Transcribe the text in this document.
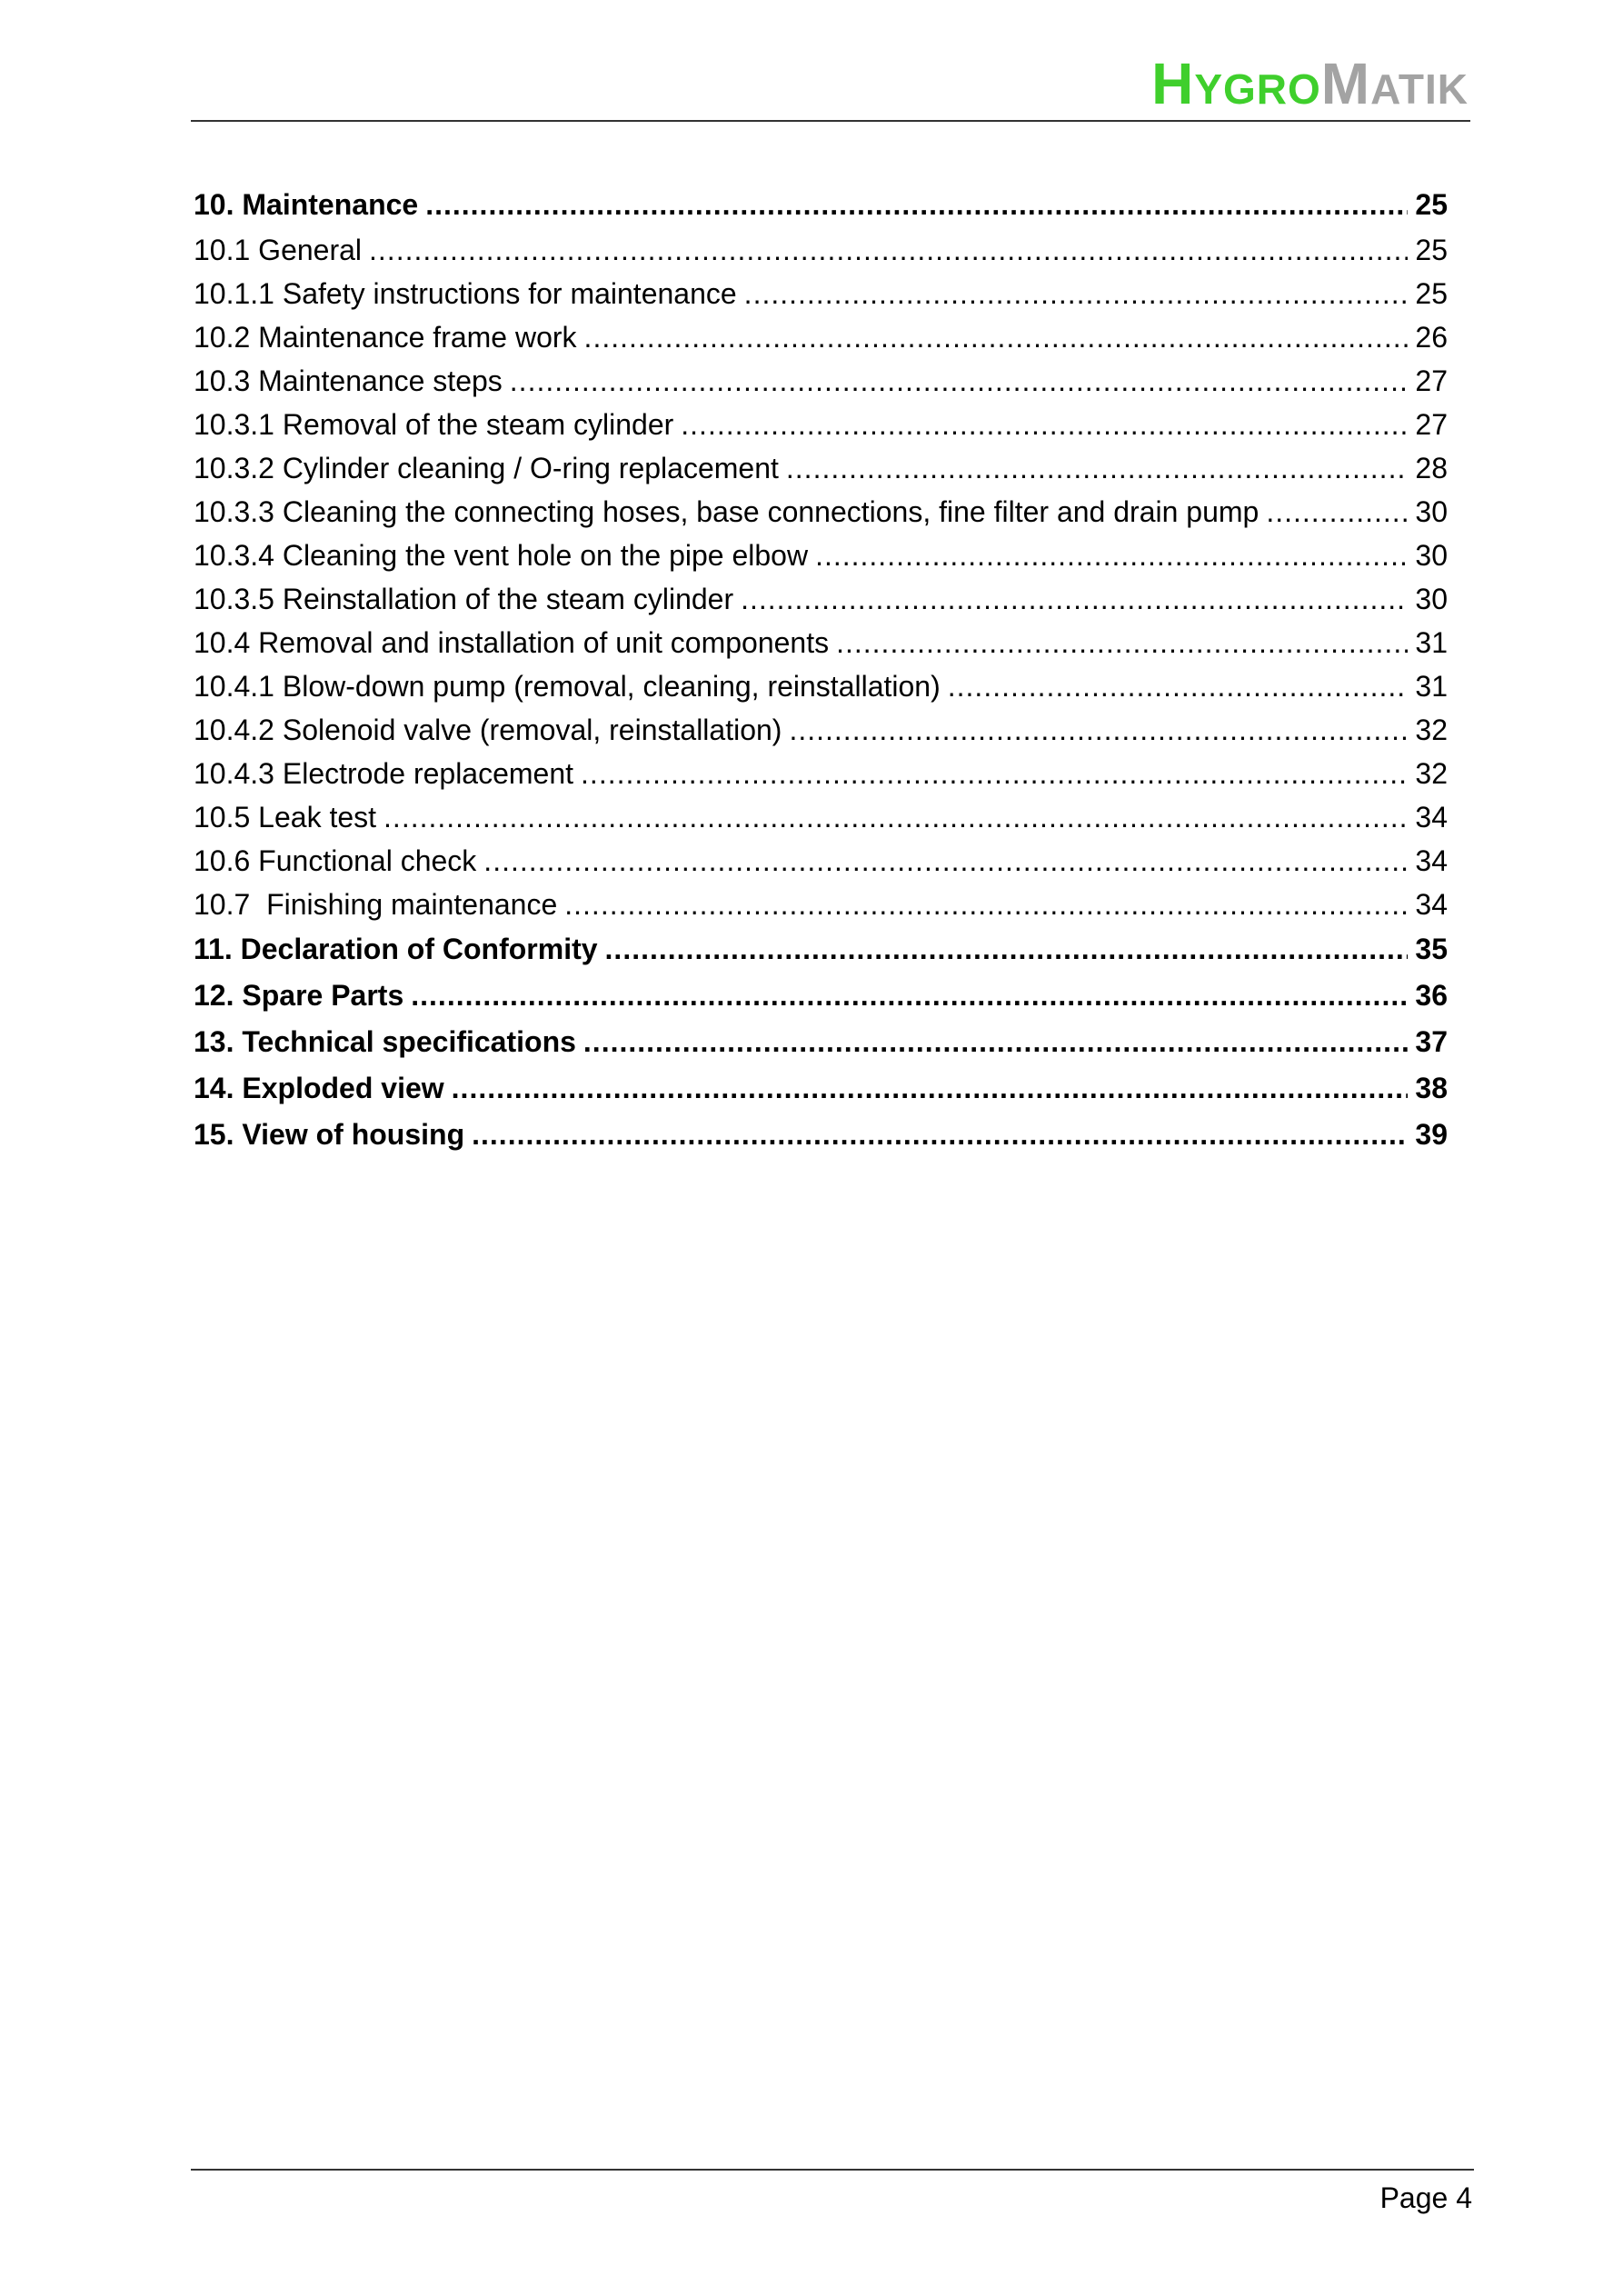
HYGROMATIK
10. Maintenance .....	25
10.1 General .....	25
10.1.1 Safety instructions for maintenance .....	25
10.2 Maintenance frame work .....	26
10.3 Maintenance steps .....	27
10.3.1 Removal of the steam cylinder .....	27
10.3.2 Cylinder cleaning / O-ring replacement .....	28
10.3.3 Cleaning the connecting hoses, base connections, fine filter and drain pump .....	30
10.3.4 Cleaning the vent hole on the pipe elbow .....	30
10.3.5 Reinstallation of the steam cylinder .....	30
10.4 Removal and installation of unit components .....	31
10.4.1 Blow-down pump (removal, cleaning, reinstallation) .....	31
10.4.2 Solenoid valve (removal, reinstallation) .....	32
10.4.3 Electrode replacement .....	32
10.5 Leak test .....	34
10.6 Functional check .....	34
10.7  Finishing maintenance .....	34
11. Declaration of Conformity .....	35
12. Spare Parts .....	36
13. Technical specifications .....	37
14. Exploded view .....	38
15. View of housing .....	39
Page 4
